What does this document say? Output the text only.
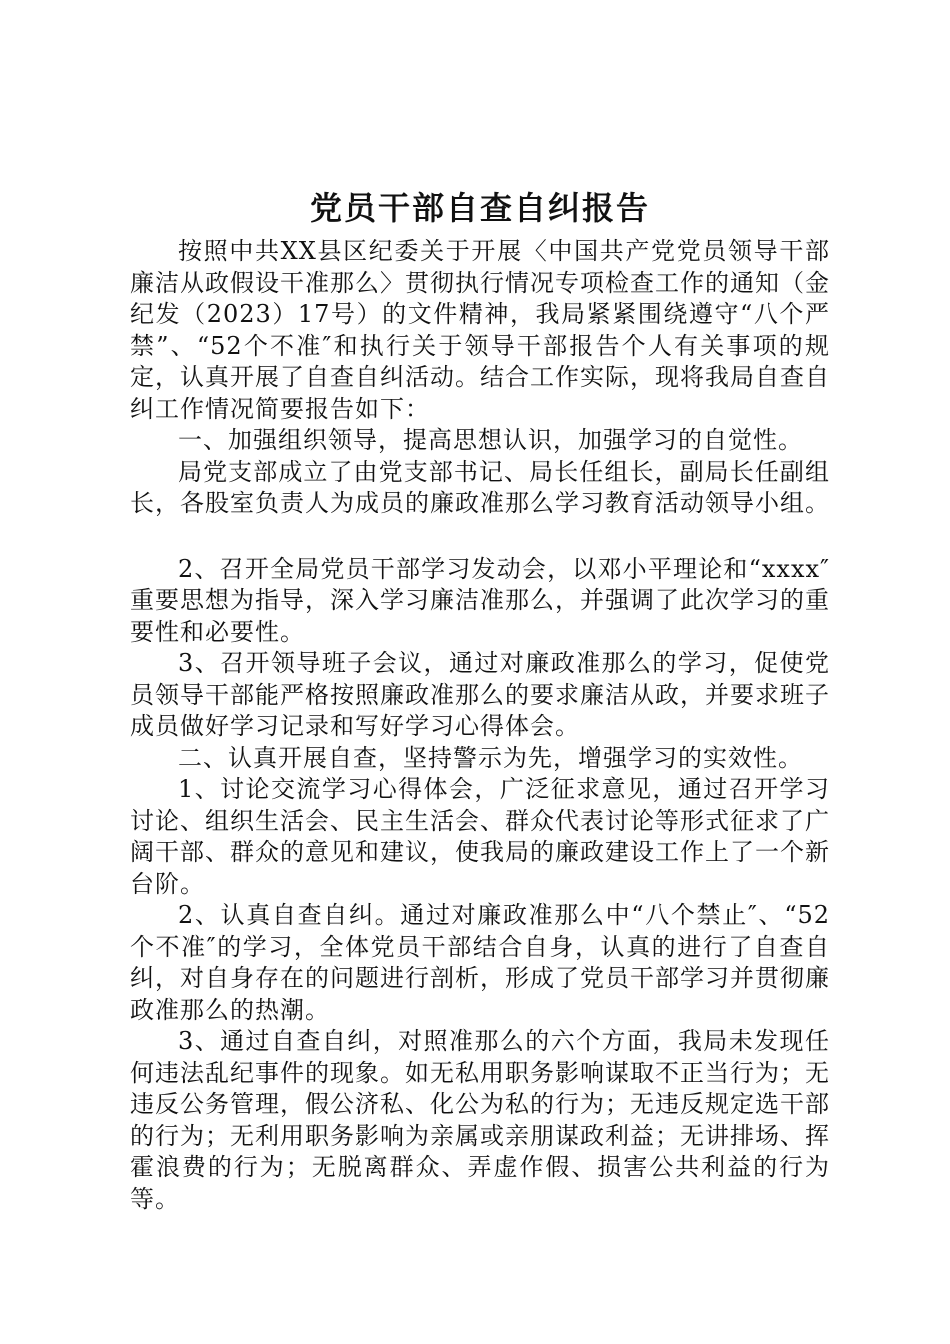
党员干部自查自纠报告

按照中共XX县区纪委关于开展〈中国共产党党员领导干部廉洁从政假设干准那么〉贯彻执行情况专项检查工作的通知（金纪发（2023）17号）的文件精神，我局紧紧围绕遵守“八个严禁”、“52个不准″和执行关于领导干部报告个人有关事项的规定，认真开展了自查自纠活动。结合工作实际，现将我局自查自纠工作情况简要报告如下：

一、加强组织领导，提高思想认识，加强学习的自觉性。

局党支部成立了由党支部书记、局长任组长，副局长任副组长，各股室负责人为成员的廉政准那么学习教育活动领导小组。

2、召开全局党员干部学习发动会，以邓小平理论和“xxxx″重要思想为指导，深入学习廉洁准那么，并强调了此次学习的重要性和必要性。

3、召开领导班子会议，通过对廉政准那么的学习，促使党员领导干部能严格按照廉政准那么的要求廉洁从政，并要求班子成员做好学习记录和写好学习心得体会。

二、认真开展自查，坚持警示为先，增强学习的实效性。

1、讨论交流学习心得体会，广泛征求意见，通过召开学习讨论、组织生活会、民主生活会、群众代表讨论等形式征求了广阔干部、群众的意见和建议，使我局的廉政建设工作上了一个新台阶。

2、认真自查自纠。通过对廉政准那么中“八个禁止″、“52个不准″的学习，全体党员干部结合自身，认真的进行了自查自纠，对自身存在的问题进行剖析，形成了党员干部学习并贯彻廉政准那么的热潮。

3、通过自查自纠，对照准那么的六个方面，我局未发现任何违法乱纪事件的现象。如无私用职务影响谋取不正当行为；无违反公务管理，假公济私、化公为私的行为；无违反规定选干部的行为；无利用职务影响为亲属或亲朋谋政利益；无讲排场、挥霍浪费的行为；无脱离群众、弄虚作假、损害公共利益的行为等。
